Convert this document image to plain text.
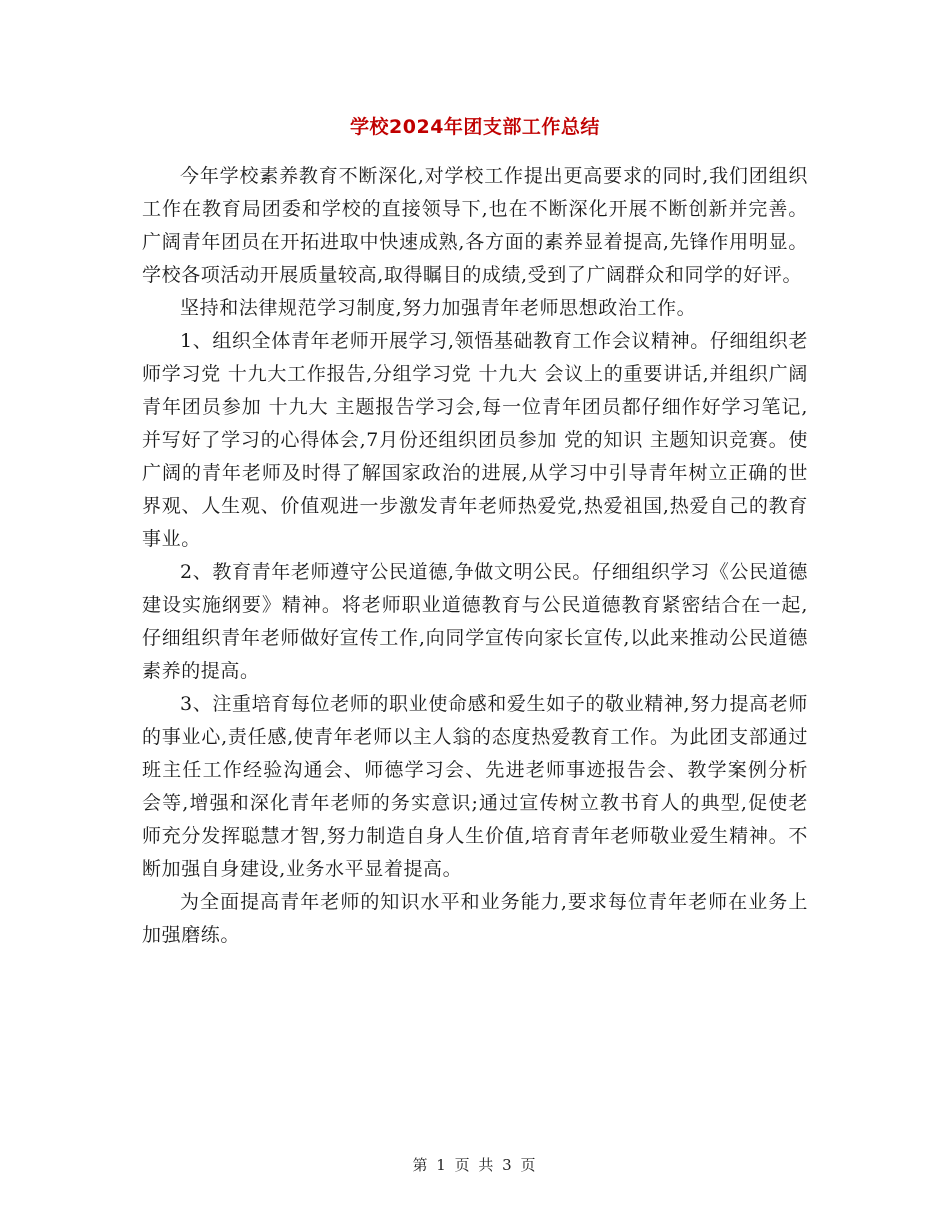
学校2024年团支部工作总结

今年学校素养教育不断深化,对学校工作提出更高要求的同时,我们团组织工作在教育局团委和学校的直接领导下,也在不断深化开展不断创新并完善。广阔青年团员在开拓进取中快速成熟,各方面的素养显着提高,先锋作用明显。学校各项活动开展质量较高,取得瞩目的成绩,受到了广阔群众和同学的好评。

坚持和法律规范学习制度,努力加强青年老师思想政治工作。

1、组织全体青年老师开展学习,领悟基础教育工作会议精神。仔细组织老师学习党 十九大工作报告,分组学习党 十九大 会议上的重要讲话,并组织广阔青年团员参加 十九大 主题报告学习会,每一位青年团员都仔细作好学习笔记,并写好了学习的心得体会,7月份还组织团员参加 党的知识 主题知识竞赛。使广阔的青年老师及时得了解国家政治的进展,从学习中引导青年树立正确的世界观、人生观、价值观进一步激发青年老师热爱党,热爱祖国,热爱自己的教育事业。

2、教育青年老师遵守公民道德,争做文明公民。仔细组织学习《公民道德建设实施纲要》精神。将老师职业道德教育与公民道德教育紧密结合在一起,仔细组织青年老师做好宣传工作,向同学宣传向家长宣传,以此来推动公民道德素养的提高。

3、注重培育每位老师的职业使命感和爱生如子的敬业精神,努力提高老师的事业心,责任感,使青年老师以主人翁的态度热爱教育工作。为此团支部通过班主任工作经验沟通会、师德学习会、先进老师事迹报告会、教学案例分析会等,增强和深化青年老师的务实意识;通过宣传树立教书育人的典型,促使老师充分发挥聪慧才智,努力制造自身人生价值,培育青年老师敬业爱生精神。不断加强自身建设,业务水平显着提高。

为全面提高青年老师的知识水平和业务能力,要求每位青年老师在业务上加强磨练。

第 1 页 共 3 页
